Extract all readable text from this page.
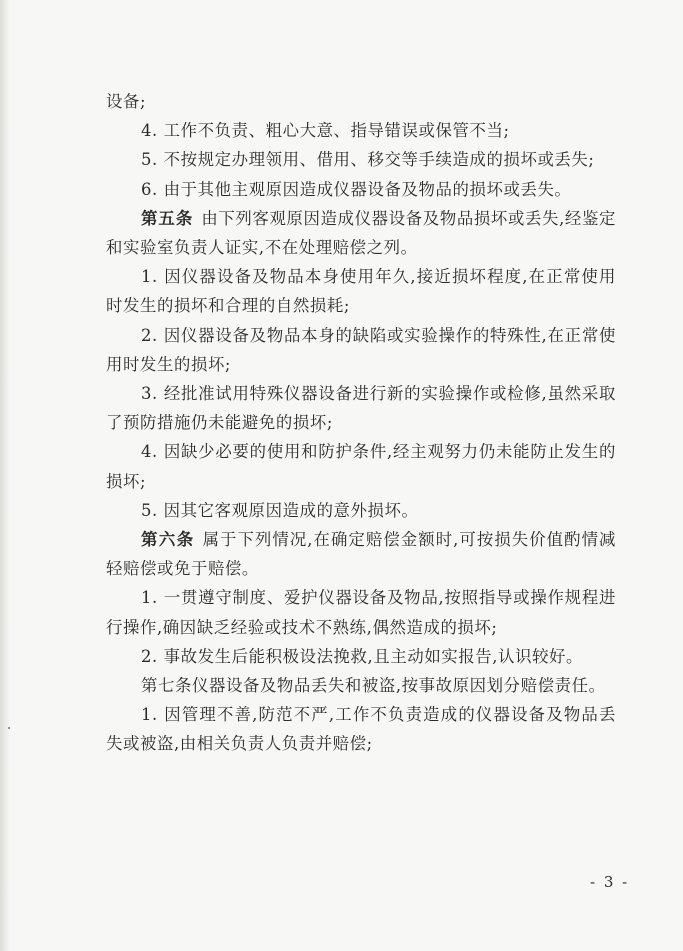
设备;

4. 工作不负责、粗心大意、指导错误或保管不当;

5. 不按规定办理领用、借用、移交等手续造成的损坏或丢失;

6. 由于其他主观原因造成仪器设备及物品的损坏或丢失。

第五条 由下列客观原因造成仪器设备及物品损坏或丢失,经鉴定和实验室负责人证实,不在处理赔偿之列。

1. 因仪器设备及物品本身使用年久,接近损坏程度,在正常使用时发生的损坏和合理的自然损耗;

2. 因仪器设备及物品本身的缺陷或实验操作的特殊性,在正常使用时发生的损坏;

3. 经批准试用特殊仪器设备进行新的实验操作或检修,虽然采取了预防措施仍未能避免的损坏;

4. 因缺少必要的使用和防护条件,经主观努力仍未能防止发生的损坏;

5. 因其它客观原因造成的意外损坏。

第六条 属于下列情况,在确定赔偿金额时,可按损失价值酌情减轻赔偿或免于赔偿。

1. 一贯遵守制度、爱护仪器设备及物品,按照指导或操作规程进行操作,确因缺乏经验或技术不熟练,偶然造成的损坏;

2. 事故发生后能积极设法挽救,且主动如实报告,认识较好。

第七条仪器设备及物品丢失和被盗,按事故原因划分赔偿责任。

1. 因管理不善,防范不严,工作不负责造成的仪器设备及物品丢失或被盗,由相关负责人负责并赔偿;

- 3 -
